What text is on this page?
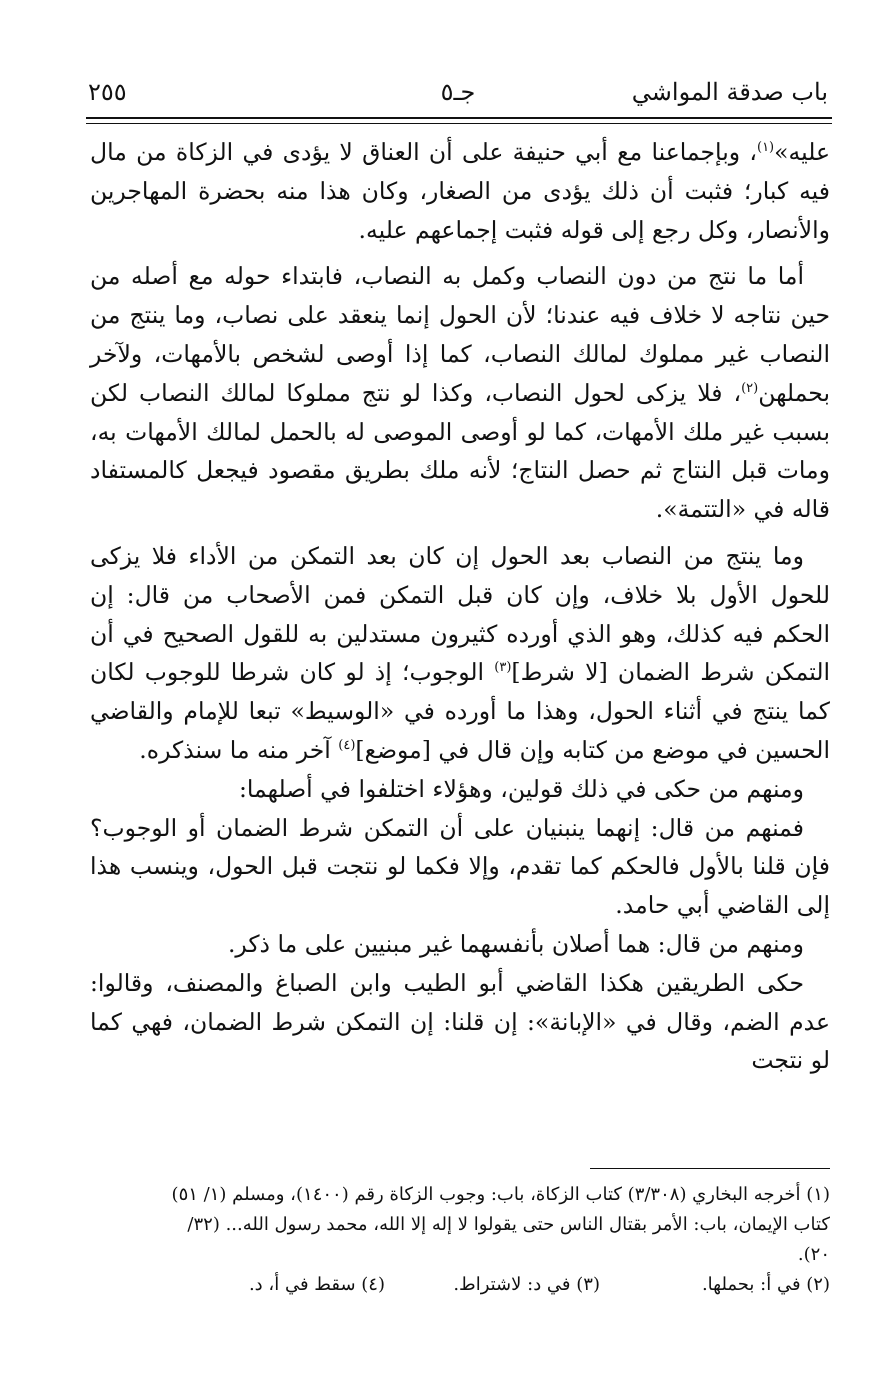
باب صدقة المواشي
جـ٥
٢٥٥

عليه»$^{(١)}$، وبإجماعنا مع أبي حنيفة على أن العناق لا يؤدى في الزكاة من مال فيه كبار؛ فثبت أن ذلك يؤدى من الصغار، وكان هذا منه بحضرة المهاجرين والأنصار، وكل رجع إلى قوله فثبت إجماعهم عليه.

أما ما نتج من دون النصاب وكمل به النصاب، فابتداء حوله مع أصله من حين نتاجه لا خلاف فيه عندنا؛ لأن الحول إنما ينعقد على نصاب، وما ينتج من النصاب غير مملوك لمالك النصاب، كما إذا أوصى لشخص بالأمهات، ولآخر بحملهن$^{(٢)}$، فلا يزكى لحول النصاب، وكذا لو نتج مملوكا لمالك النصاب لكن بسبب غير ملك الأمهات، كما لو أوصى الموصى له بالحمل لمالك الأمهات به، ومات قبل النتاج ثم حصل النتاج؛ لأنه ملك بطريق مقصود فيجعل كالمستفاد قاله في «التتمة».

وما ينتج من النصاب بعد الحول إن كان بعد التمكن من الأداء فلا يزكى للحول الأول بلا خلاف، وإن كان قبل التمكن فمن الأصحاب من قال: إن الحكم فيه كذلك، وهو الذي أورده كثيرون مستدلين به للقول الصحيح في أن التمكن شرط الضمان [لا شرط]$^{(٣)}$ الوجوب؛ إذ لو كان شرطا للوجوب لكان كما ينتج في أثناء الحول، وهذا ما أورده في «الوسيط» تبعا للإمام والقاضي الحسين في موضع من كتابه وإن قال في [موضع]$^{(٤)}$ آخر منه ما سنذكره.

ومنهم من حكى في ذلك قولين، وهؤلاء اختلفوا في أصلهما:

فمنهم من قال: إنهما ينبنيان على أن التمكن شرط الضمان أو الوجوب؟ فإن قلنا بالأول فالحكم كما تقدم، وإلا فكما لو نتجت قبل الحول، وينسب هذا إلى القاضي أبي حامد.

ومنهم من قال: هما أصلان بأنفسهما غير مبنيين على ما ذكر.

حكى الطريقين هكذا القاضي أبو الطيب وابن الصباغ والمصنف، وقالوا: عدم الضم، وقال في «الإبانة»: إن قلنا: إن التمكن شرط الضمان، فهي كما لو نتجت

(١) أخرجه البخاري (٣/٣٠٨) كتاب الزكاة، باب: وجوب الزكاة رقم (١٤٠٠)، ومسلم (١/ ٥١)

كتاب الإيمان، باب: الأمر بقتال الناس حتى يقولوا لا إله إلا الله، محمد رسول الله... (٣٢/

٢٠).

(٢) في أ: بحملها.
(٣) في د: لاشتراط.
(٤) سقط في أ، د.
